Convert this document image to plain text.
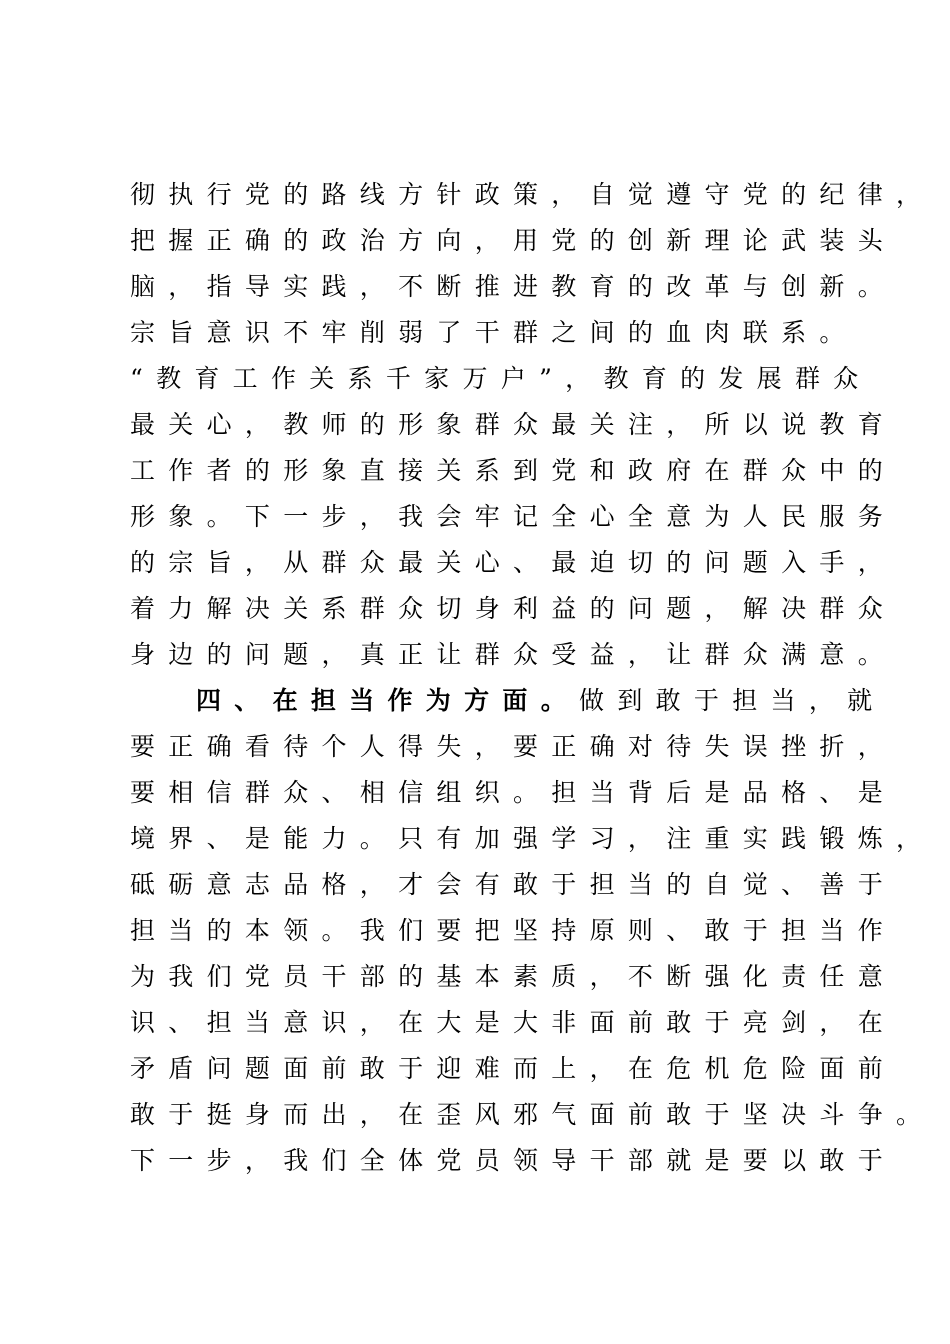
彻执行党的路线方针政策，自觉遵守党的纪律，
把握正确的政治方向，用党的创新理论武装头
脑，指导实践，不断推进教育的改革与创新。
宗旨意识不牢削弱了干群之间的血肉联系。
“教育工作关系千家万户”，教育的发展群众
最关心，教师的形象群众最关注，所以说教育
工作者的形象直接关系到党和政府在群众中的
形象。下一步，我会牢记全心全意为人民服务
的宗旨，从群众最关心、最迫切的问题入手，
着力解决关系群众切身利益的问题，解决群众
身边的问题，真正让群众受益，让群众满意。
四、在担当作为方面。做到敢于担当，就
要正确看待个人得失，要正确对待失误挫折，
要相信群众、相信组织。担当背后是品格、是
境界、是能力。只有加强学习，注重实践锻炼，
砥砺意志品格，才会有敢于担当的自觉、善于
担当的本领。我们要把坚持原则、敢于担当作
为我们党员干部的基本素质，不断强化责任意
识、担当意识，在大是大非面前敢于亮剑，在
矛盾问题面前敢于迎难而上，在危机危险面前
敢于挺身而出，在歪风邪气面前敢于坚决斗争。
下一步，我们全体党员领导干部就是要以敢于
